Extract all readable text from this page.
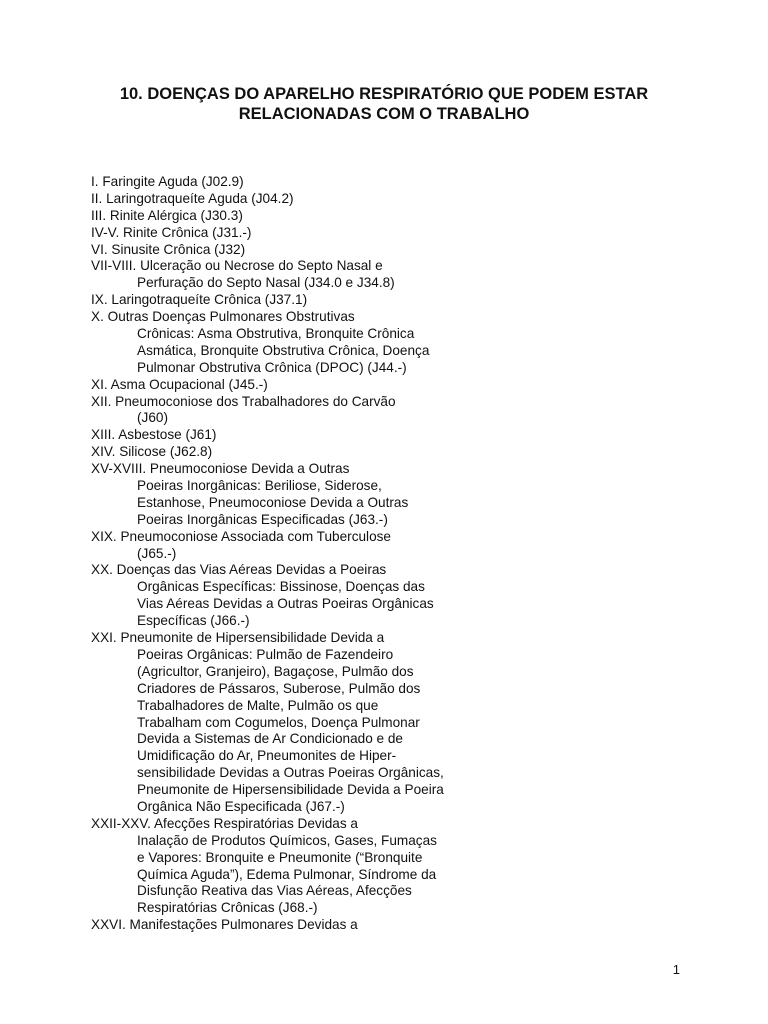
10. DOENÇAS DO APARELHO RESPIRATÓRIO QUE PODEM ESTAR
RELACIONADAS COM O TRABALHO
I. Faringite Aguda (J02.9)
II. Laringotraqueíte Aguda (J04.2)
III. Rinite Alérgica (J30.3)
IV-V. Rinite Crônica (J31.-)
VI. Sinusite Crônica (J32)
VII-VIII. Ulceração ou Necrose do Septo Nasal e
Perfuração do Septo Nasal (J34.0 e J34.8)
IX. Laringotraqueíte Crônica (J37.1)
X. Outras Doenças Pulmonares Obstrutivas
Crônicas: Asma Obstrutiva, Bronquite Crônica
Asmática, Bronquite Obstrutiva Crônica, Doença
Pulmonar Obstrutiva Crônica (DPOC) (J44.-)
XI. Asma Ocupacional (J45.-)
XII. Pneumoconiose dos Trabalhadores do Carvão
(J60)
XIII. Asbestose (J61)
XIV. Silicose (J62.8)
XV-XVIII. Pneumoconiose Devida a Outras
Poeiras Inorgânicas: Beriliose, Siderose,
Estanhose, Pneumoconiose Devida a Outras
Poeiras Inorgânicas Especificadas (J63.-)
XIX. Pneumoconiose Associada com Tuberculose
(J65.-)
XX. Doenças das Vias Aéreas Devidas a Poeiras
Orgânicas Específicas: Bissinose, Doenças das
Vias Aéreas Devidas a Outras Poeiras Orgânicas
Específicas (J66.-)
XXI. Pneumonite de Hipersensibilidade Devida a
Poeiras Orgânicas: Pulmão de Fazendeiro
(Agricultor, Granjeiro), Bagaçose, Pulmão dos
Criadores de Pássaros, Suberose, Pulmão dos
Trabalhadores de Malte, Pulmão os que
Trabalham com Cogumelos, Doença Pulmonar
Devida a Sistemas de Ar Condicionado e de
Umidificação do Ar, Pneumonites de Hiper-
sensibilidade Devidas a Outras Poeiras Orgânicas,
Pneumonite de Hipersensibilidade Devida a Poeira
Orgânica Não Especificada (J67.-)
XXII-XXV. Afecções Respiratórias Devidas a
Inalação de Produtos Químicos, Gases, Fumaças
e Vapores: Bronquite e Pneumonite (“Bronquite
Química Aguda”), Edema Pulmonar, Síndrome da
Disfunção Reativa das Vias Aéreas, Afecções
Respiratórias Crônicas (J68.-)
XXVI. Manifestações Pulmonares Devidas a
1
